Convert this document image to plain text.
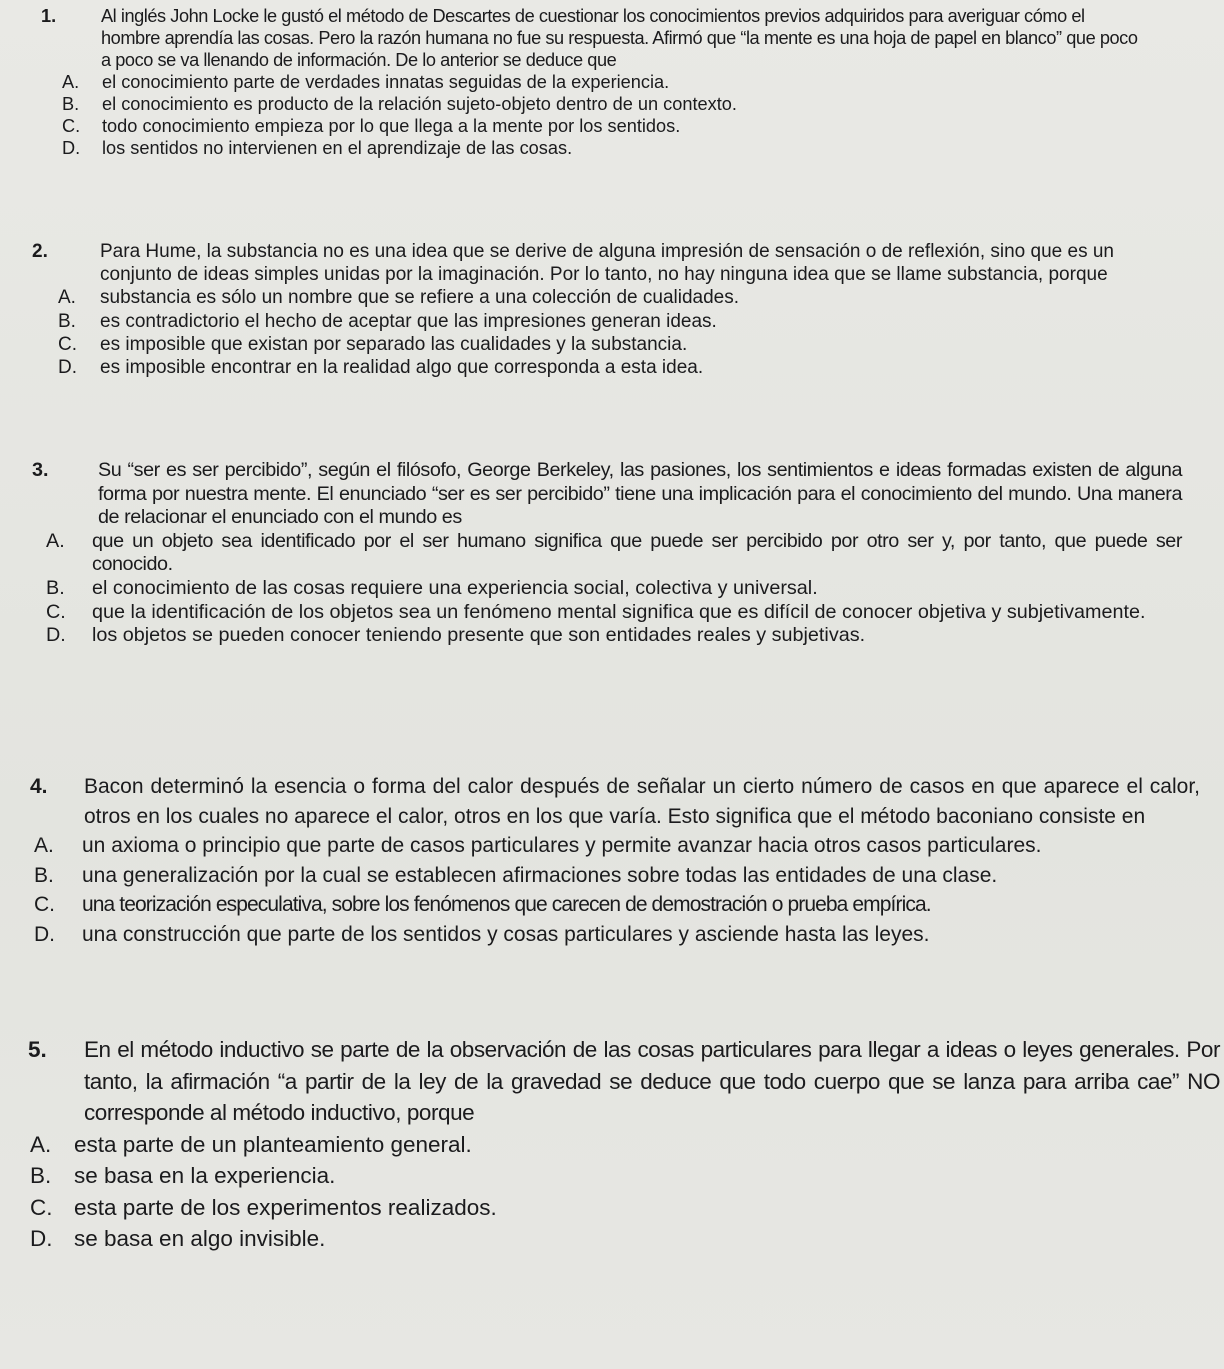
1.	Al inglés John Locke le gustó el método de Descartes de cuestionar los conocimientos previos adquiridos para averiguar cómo el hombre aprendía las cosas. Pero la razón humana no fue su respuesta. Afirmó que “la mente es una hoja de papel en blanco” que poco a poco se va llenando de información. De lo anterior se deduce que
A.	el conocimiento parte de verdades innatas seguidas de la experiencia.
B.	el conocimiento es producto de la relación sujeto-objeto dentro de un contexto.
C.	todo conocimiento empieza por lo que llega a la mente por los sentidos.
D.	los sentidos no intervienen en el aprendizaje de las cosas.
2.	Para Hume, la substancia no es una idea que se derive de alguna impresión de sensación o de reflexión, sino que es un conjunto de ideas simples unidas por la imaginación. Por lo tanto, no hay ninguna idea que se llame substancia, porque
A.	substancia es sólo un nombre que se refiere a una colección de cualidades.
B.	es contradictorio el hecho de aceptar que las impresiones generan ideas.
C.	es imposible que existan por separado las cualidades y la substancia.
D.	es imposible encontrar en la realidad algo que corresponda a esta idea.
3.	Su “ser es ser percibido”, según el filósofo, George Berkeley, las pasiones, los sentimientos e ideas formadas existen de alguna forma por nuestra mente. El enunciado “ser es ser percibido” tiene una implicación para el conocimiento del mundo. Una manera de relacionar el enunciado con el mundo es
A.	que un objeto sea identificado por el ser humano significa que puede ser percibido por otro ser y, por tanto, que puede ser conocido.
B.	el conocimiento de las cosas requiere una experiencia social, colectiva y universal.
C.	que la identificación de los objetos sea un fenómeno mental significa que es difícil de conocer objetiva y subjetivamente.
D.	los objetos se pueden conocer teniendo presente que son entidades reales y subjetivas.
4.	Bacon determinó la esencia o forma del calor después de señalar un cierto número de casos en que aparece el calor, otros en los cuales no aparece el calor, otros en los que varía. Esto significa que el método baconiano consiste en
A.	un axioma o principio que parte de casos particulares y permite avanzar hacia otros casos particulares.
B.	una generalización por la cual se establecen afirmaciones sobre todas las entidades de una clase.
C.	una teorización especulativa, sobre los fenómenos que carecen de demostración o prueba empírica.
D.	una construcción que parte de los sentidos y cosas particulares y asciende hasta las leyes.
5.	En el método inductivo se parte de la observación de las cosas particulares para llegar a ideas o leyes generales. Por tanto, la afirmación “a partir de la ley de la gravedad se deduce que todo cuerpo que se lanza para arriba cae” NO corresponde al método inductivo, porque
A.	esta parte de un planteamiento general.
B.	se basa en la experiencia.
C. esta parte de los experimentos realizados.
D. se basa en algo invisible.
